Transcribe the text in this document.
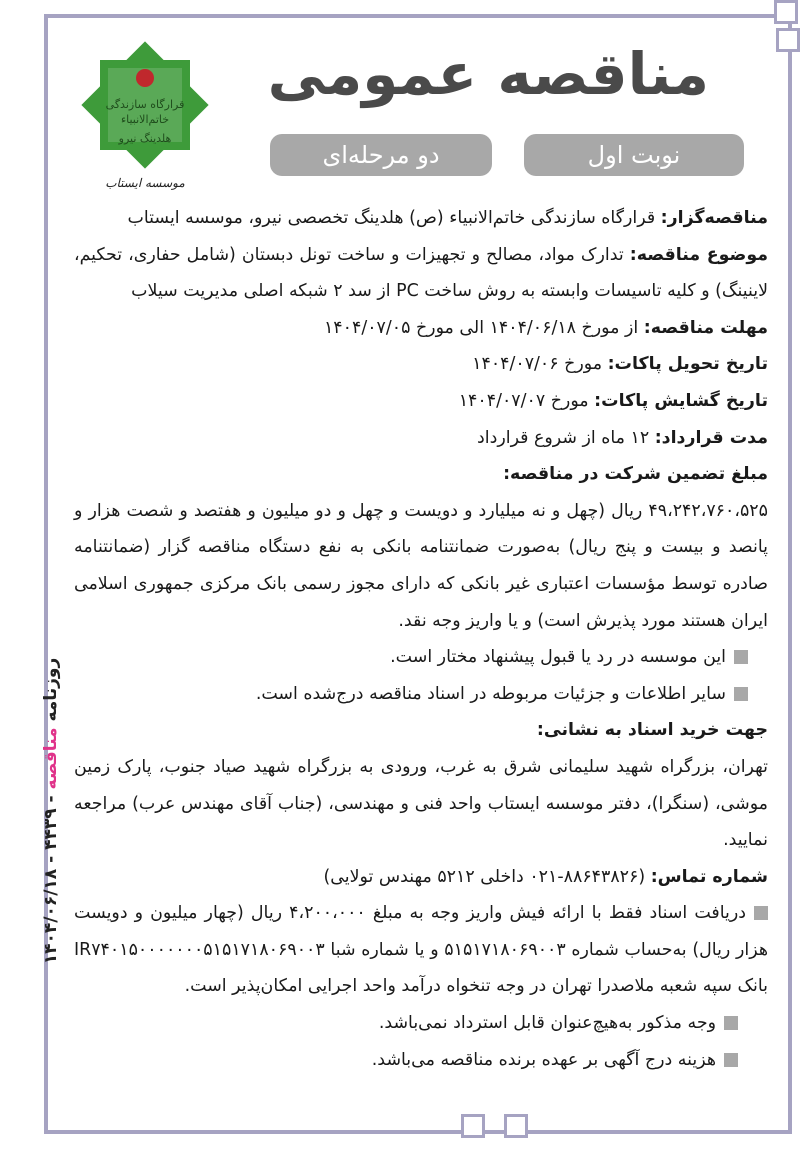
روزنامه مناقصه - ۴۴۳۹ - ۱۴۰۴/۰۶/۱۸
قرارگاه سازندگی
خاتم‌الانبیاء
هلدینگ نیرو
موسسه ایستاب
مناقصه عمومی
نوبت اول
دو مرحله‌ای

مناقصه‌گزار: قرارگاه سازندگی خاتم‌الانبیاء (ص) هلدینگ تخصصی نیرو، موسسه ایستاب

موضوع مناقصه: تدارک مواد، مصالح و تجهیزات و ساخت تونل دبستان (شامل حفاری، تحکیم، لاینینگ) و کلیه تاسیسات وابسته به روش ساخت PC از سد ۲ شبکه اصلی مدیریت سیلاب

مهلت مناقصه: از مورخ ۱۴۰۴/۰۶/۱۸ الی مورخ ۱۴۰۴/۰۷/۰۵

تاریخ تحویل پاکات: مورخ ۱۴۰۴/۰۷/۰۶

تاریخ گشایش پاکات: مورخ ۱۴۰۴/۰۷/۰۷

مدت قرارداد: ۱۲ ماه از شروع قرارداد

مبلغ تضمین شرکت در مناقصه:

۴۹،۲۴۲،۷۶۰،۵۲۵ ریال (چهل و نه میلیارد و دویست و چهل و دو میلیون و هفتصد و شصت هزار و پانصد و بیست و پنج ریال) به‌صورت ضمانتنامه بانکی به نفع دستگاه مناقصه گزار (ضمانتنامه صادره توسط مؤسسات اعتباری غیر بانکی که دارای مجوز رسمی بانک مرکزی جمهوری اسلامی ایران هستند مورد پذیرش است) و یا واریز وجه نقد.

این موسسه در رد یا قبول پیشنهاد مختار است.

سایر اطلاعات و جزئیات مربوطه در اسناد مناقصه درج‌شده است.

جهت خرید اسناد به نشانی:

تهران، بزرگراه شهید سلیمانی شرق به غرب، ورودی به بزرگراه شهید صیاد جنوب، پارک زمین موشی، (سنگرا)، دفتر موسسه ایستاب واحد فنی و مهندسی، (جناب آقای مهندس عرب) مراجعه نمایید.

شماره تماس: (۸۸۶۴۳۸۲۶-۰۲۱ داخلی ۵۲۱۲ مهندس تولایی)

دریافت اسناد فقط با ارائه فیش واریز وجه به مبلغ ۴،۲۰۰،۰۰۰ ریال (چهار میلیون و دویست هزار ریال) به‌حساب شماره ۵۱۵۱۷۱۸۰۶۹۰۰۳ و یا شماره شبا IR۷۴۰۱۵۰۰۰۰۰۰۰۵۱۵۱۷۱۸۰۶۹۰۰۳ بانک سپه شعبه ملاصدرا تهران در وجه تنخواه درآمد واحد اجرایی امکان‌پذیر است.

وجه مذکور به‌هیچ‌عنوان قابل استرداد نمی‌باشد.

هزینه درج آگهی بر عهده برنده مناقصه می‌باشد.
